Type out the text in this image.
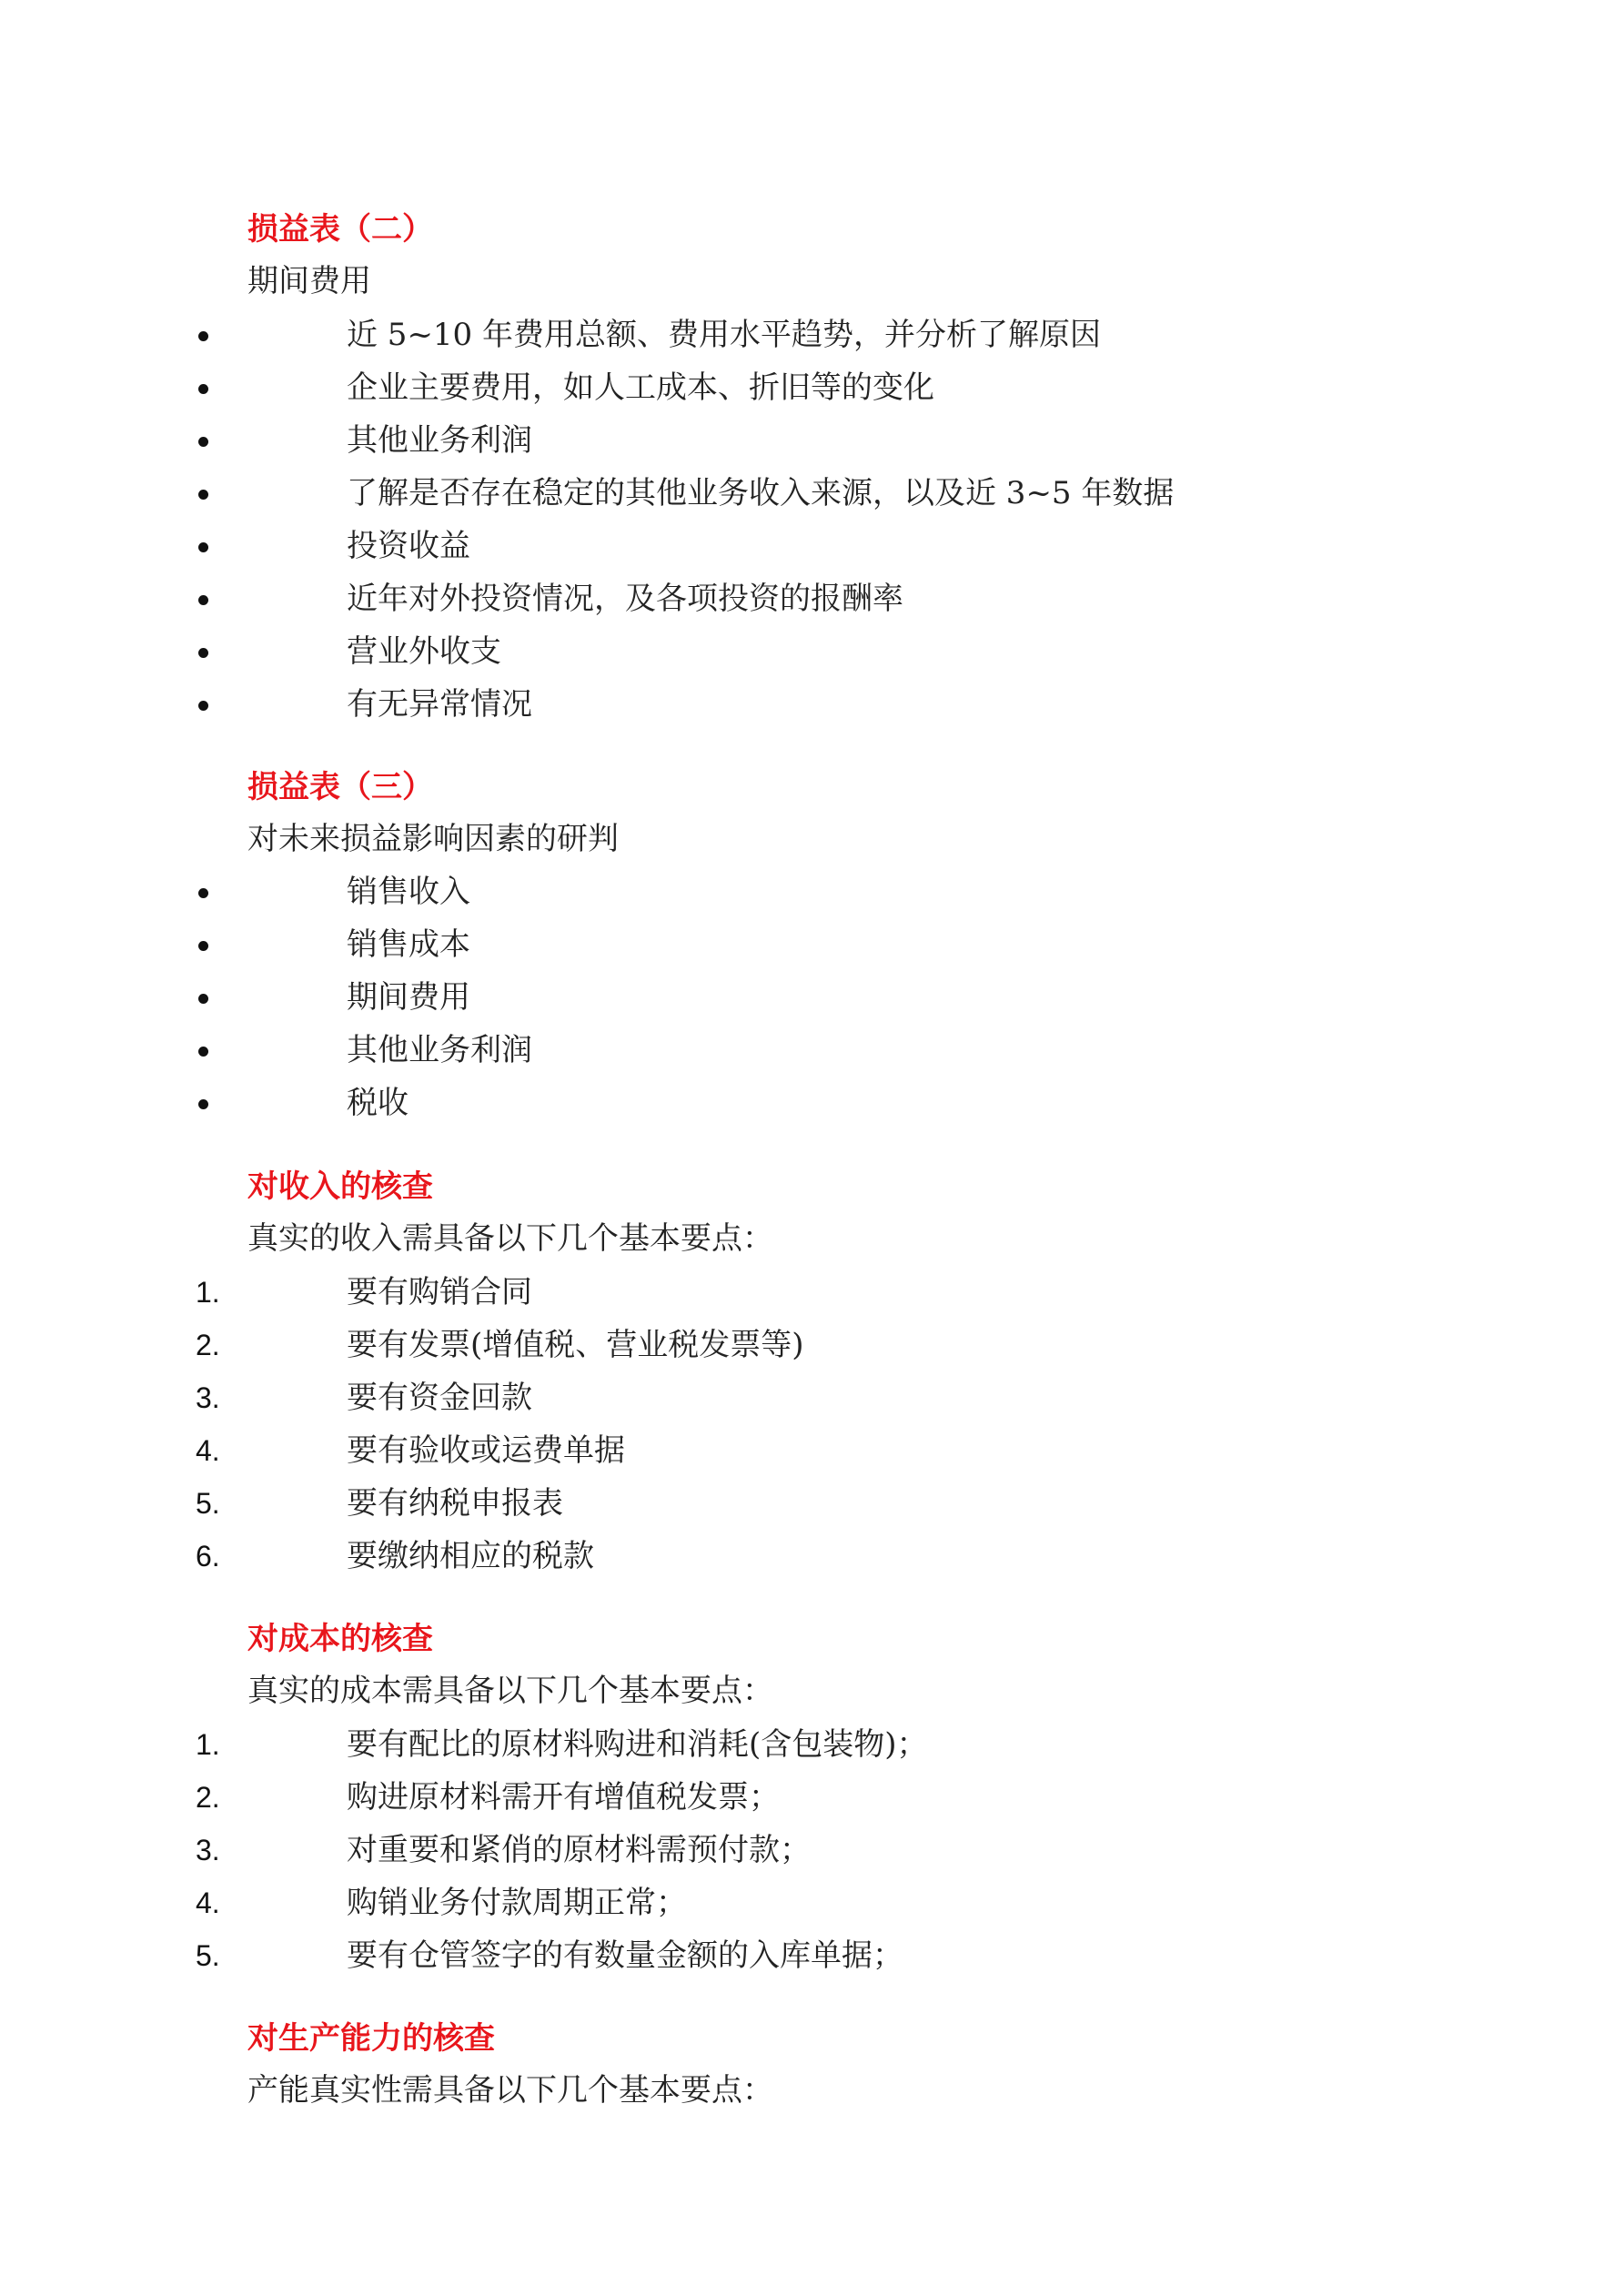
损益表（二）
期间费用
近 5~10 年费用总额、费用水平趋势，并分析了解原因
企业主要费用，如人工成本、折旧等的变化
其他业务利润
了解是否存在稳定的其他业务收入来源，以及近 3~5 年数据
投资收益
近年对外投资情况，及各项投资的报酬率
营业外收支
有无异常情况
损益表（三）
对未来损益影响因素的研判
销售收入
销售成本
期间费用
其他业务利润
税收
对收入的核查
真实的收入需具备以下几个基本要点：
1.	要有购销合同
2.	要有发票(增值税、营业税发票等)
3.	要有资金回款
4.	要有验收或运费单据
5.	要有纳税申报表
6.	要缴纳相应的税款
对成本的核查
真实的成本需具备以下几个基本要点：
1.	要有配比的原材料购进和消耗(含包装物)；
2.	购进原材料需开有增值税发票；
3.	对重要和紧俏的原材料需预付款；
4.	购销业务付款周期正常；
5.	要有仓管签字的有数量金额的入库单据；
对生产能力的核查
产能真实性需具备以下几个基本要点：
